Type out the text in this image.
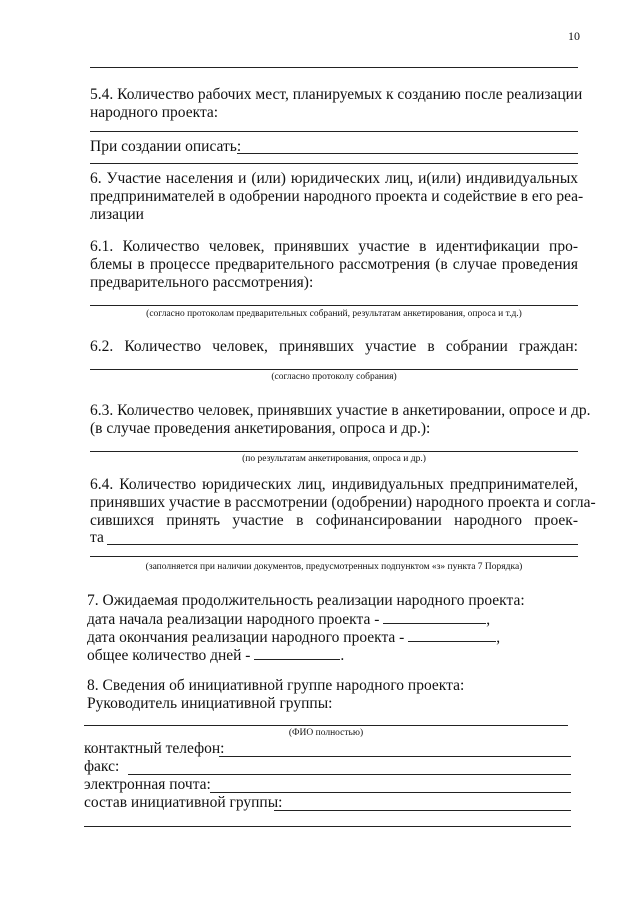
10
5.4. Количество рабочих мест, планируемых к созданию после реализации
народного проекта:
При создании описать:
6. Участие населения и (или) юридических лиц, и(или) индивидуальных
предпринимателей в одобрении народного проекта и содействие в его реа-
лизации
6.1. Количество человек, принявших участие в идентификации про-
блемы в процессе предварительного рассмотрения (в случае проведения
предварительного рассмотрения):
(согласно протоколам предварительных собраний, результатам анкетирования, опроса и т.д.)
6.2. Количество человек, принявших участие в собрании граждан:
(согласно протоколу собрания)
6.3. Количество человек, принявших участие в анкетировании, опросе и др.
(в случае проведения анкетирования, опроса и др.):
(по результатам анкетирования, опроса и др.)
6.4. Количество юридических лиц, индивидуальных предпринимателей,
принявших участие в рассмотрении (одобрении) народного проекта и согла-
сившихся принять участие в софинансировании народного проек-
та
(заполняется при наличии документов, предусмотренных подпунктом «з» пункта 7 Порядка)
7. Ожидаемая продолжительность реализации народного проекта:
дата начала реализации народного проекта -	,
дата окончания реализации народного проекта -	,
общее количество дней -	.
8. Сведения об инициативной группе народного проекта:
Руководитель инициативной группы:
(ФИО полностью)
контактный телефон:
факс:
электронная почта:
состав инициативной группы:
